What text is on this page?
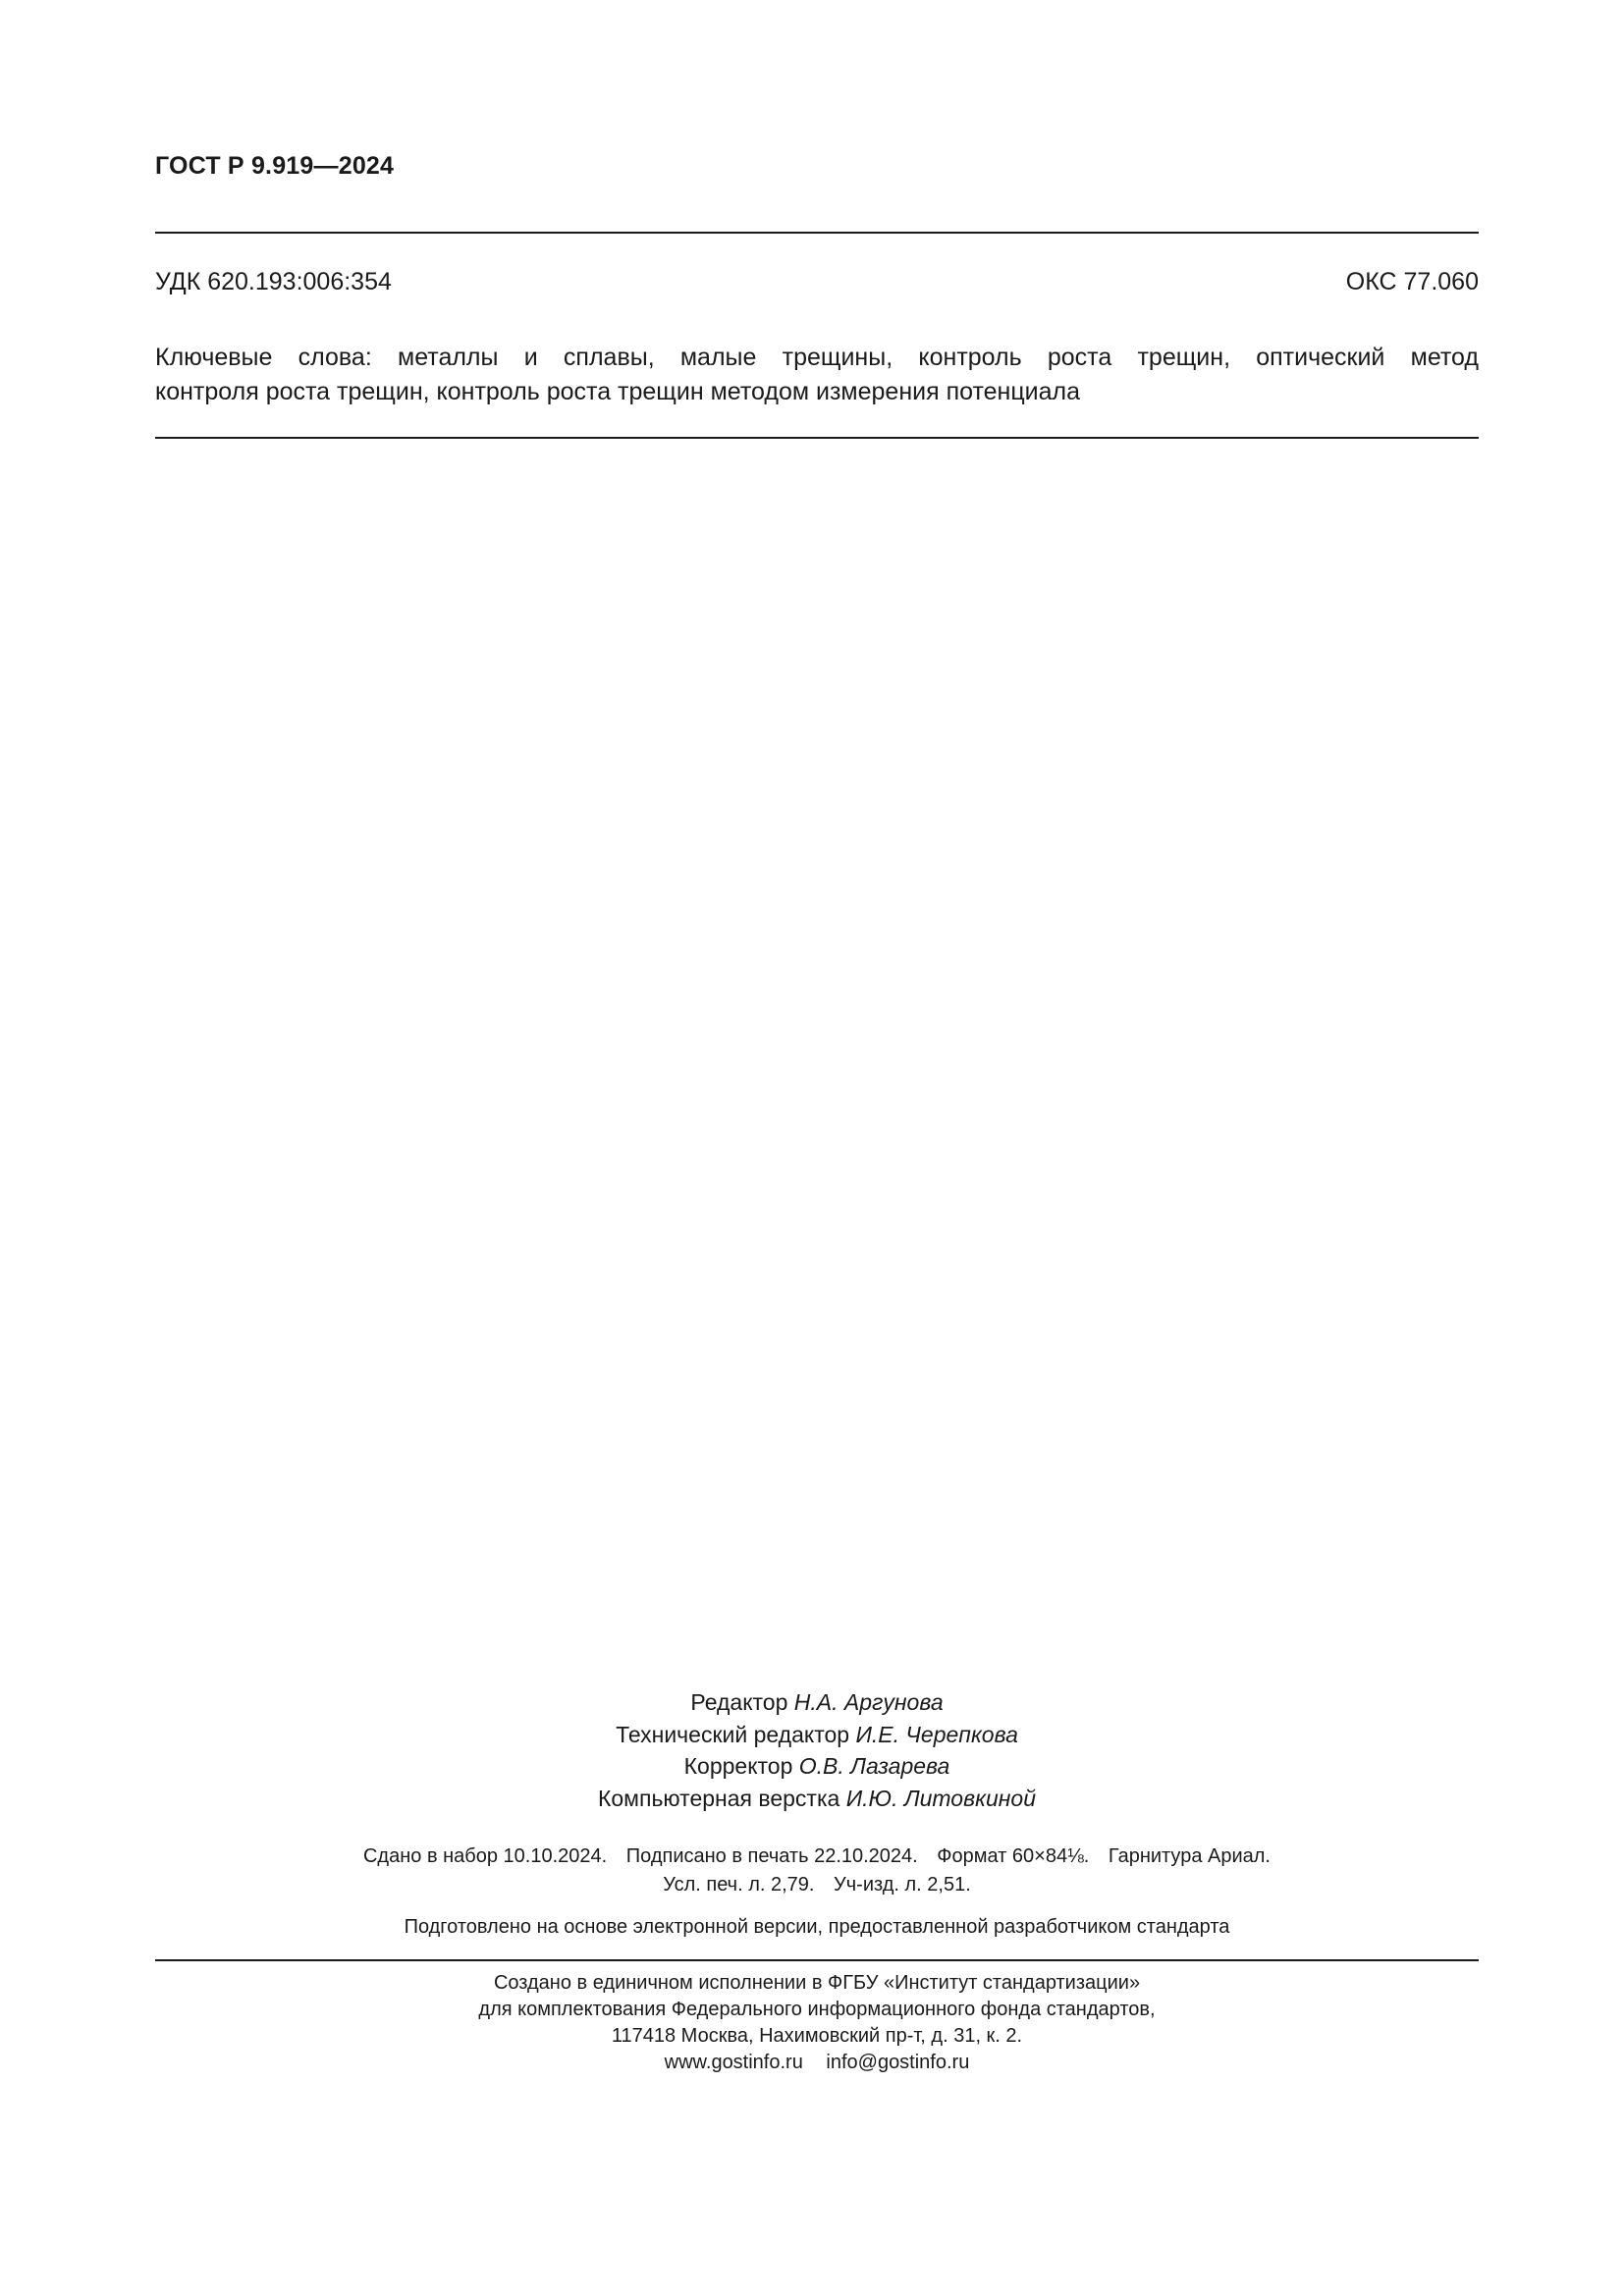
ГОСТ Р 9.919—2024
УДК 620.193:006:354	ОКС 77.060
Ключевые слова: металлы и сплавы, малые трещины, контроль роста трещин, оптический метод
контроля роста трещин, контроль роста трещин методом измерения потенциала
Редактор Н.А. Аргунова
Технический редактор И.Е. Черепкова
Корректор О.В. Лазарева
Компьютерная верстка И.Ю. Литовкиной
Сдано в набор 10.10.2024. Подписано в печать 22.10.2024. Формат 60×84⅛. Гарнитура Ариал.
Усл. печ. л. 2,79. Уч-изд. л. 2,51.
Подготовлено на основе электронной версии, предоставленной разработчиком стандарта
Создано в единичном исполнении в ФГБУ «Институт стандартизации»
для комплектования Федерального информационного фонда стандартов,
117418 Москва, Нахимовский пр-т, д. 31, к. 2.
www.gostinfo.ru info@gostinfo.ru
